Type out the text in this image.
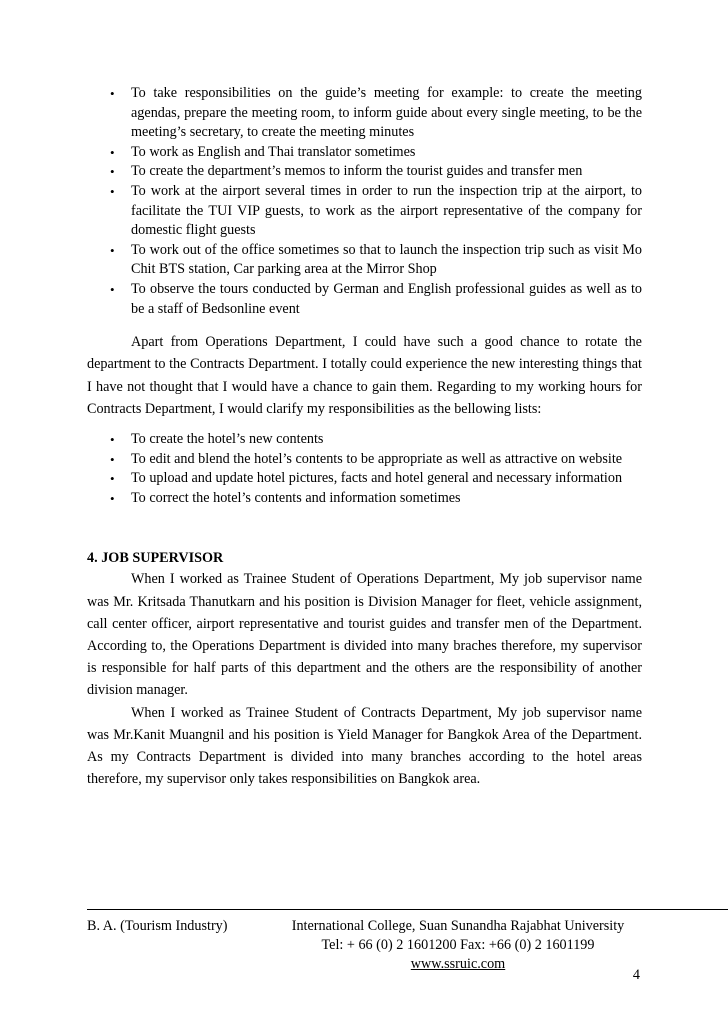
• To take responsibilities on the guide’s meeting for example: to create the meeting agendas, prepare the meeting room, to inform guide about every single meeting, to be the meeting’s secretary, to create the meeting minutes
• To work as English and Thai translator sometimes
• To create the department’s memos to inform the tourist guides and transfer men
• To work at the airport several times in order to run the inspection trip at the airport, to facilitate the TUI VIP guests, to work as the airport representative of the company for domestic flight guests
• To work out of the office sometimes so that to launch the inspection trip such as visit Mo Chit BTS station, Car parking area at the Mirror Shop
• To observe the tours conducted by German and English professional guides as well as to be a staff of Bedsonline event

Apart from Operations Department, I could have such a good chance to rotate the department to the Contracts Department. I totally could experience the new interesting things that I have not thought that I would have a chance to gain them. Regarding to my working hours for Contracts Department, I would clarify my responsibilities as the bellowing lists:

• To create the hotel’s new contents
• To edit and blend the hotel’s contents to be appropriate as well as attractive on website
• To upload and update hotel pictures, facts and hotel general and necessary information
• To correct the hotel’s contents and information sometimes
4. JOB SUPERVISOR

When I worked as Trainee Student of Operations Department, My job supervisor name was Mr. Kritsada Thanutkarn and his position is Division Manager for fleet, vehicle assignment, call center officer, airport representative and tourist guides and transfer men of the Department. According to, the Operations Department is divided into many braches therefore, my supervisor is responsible for half parts of this department and the others are the responsibility of another division manager.

When I worked as Trainee Student of Contracts Department, My job supervisor name was Mr.Kanit Muangnil and his position is Yield Manager for Bangkok Area of the Department. As my Contracts Department is divided into many branches according to the hotel areas therefore, my supervisor only takes responsibilities on Bangkok area.

B. A. (Tourism Industry)	International College, Suan Sunandha Rajabhat University
Tel: + 66 (0) 2 1601200 Fax: +66 (0) 2 1601199
www.ssruic.com
4
